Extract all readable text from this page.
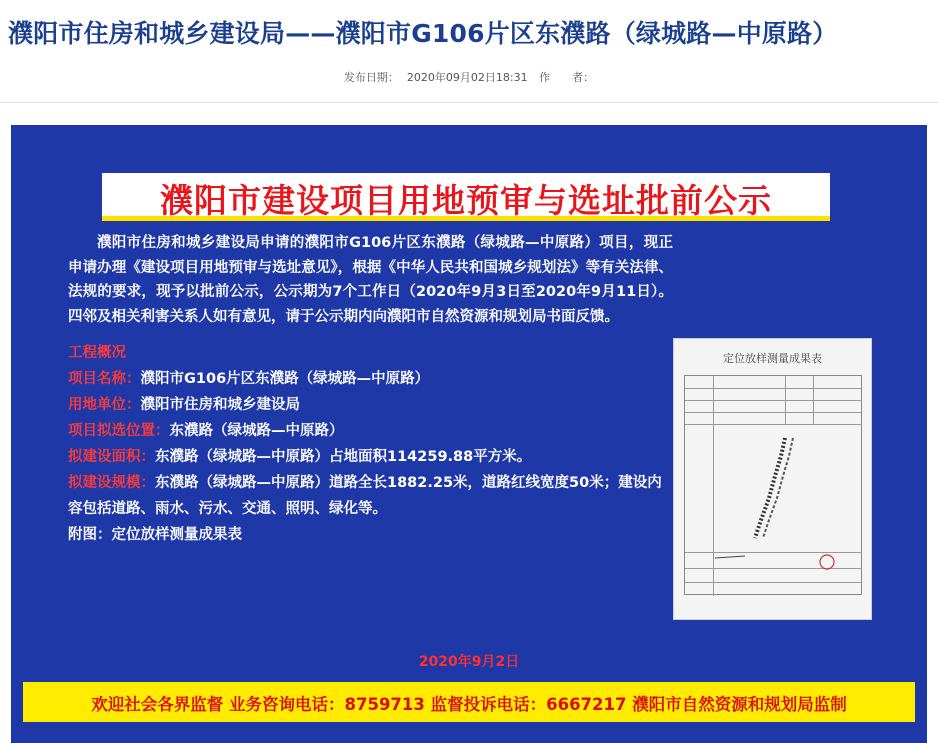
濮阳市住房和城乡建设局——濮阳市G106片区东濮路（绿城路—中原路）
发布日期： 2020年09月02日18:31 作　　者：
濮阳市建设项目用地预审与选址批前公示
濮阳市住房和城乡建设局申请的濮阳市G106片区东濮路（绿城路—中原路）项目，现正申请办理《建设项目用地预审与选址意见》，根据《中华人民共和国城乡规划法》等有关法律、法规的要求，现予以批前公示，公示期为7个工作日（2020年9月3日至2020年9月11日）。四邻及相关利害关系人如有意见，请于公示期内向濮阳市自然资源和规划局书面反馈。
工程概况
项目名称：濮阳市G106片区东濮路（绿城路—中原路）
用地单位：濮阳市住房和城乡建设局
项目拟选位置：东濮路（绿城路—中原路）
拟建设面积：东濮路（绿城路—中原路）占地面积114259.88平方米。
拟建设规模：东濮路（绿城路—中原路）道路全长1882.25米，道路红线宽度50米；建设内容包括道路、雨水、污水、交通、照明、绿化等。
附图：定位放样测量成果表
定位放样测量成果表
2020年9月2日
欢迎社会各界监督 业务咨询电话：8759713 监督投诉电话：6667217 濮阳市自然资源和规划局监制
